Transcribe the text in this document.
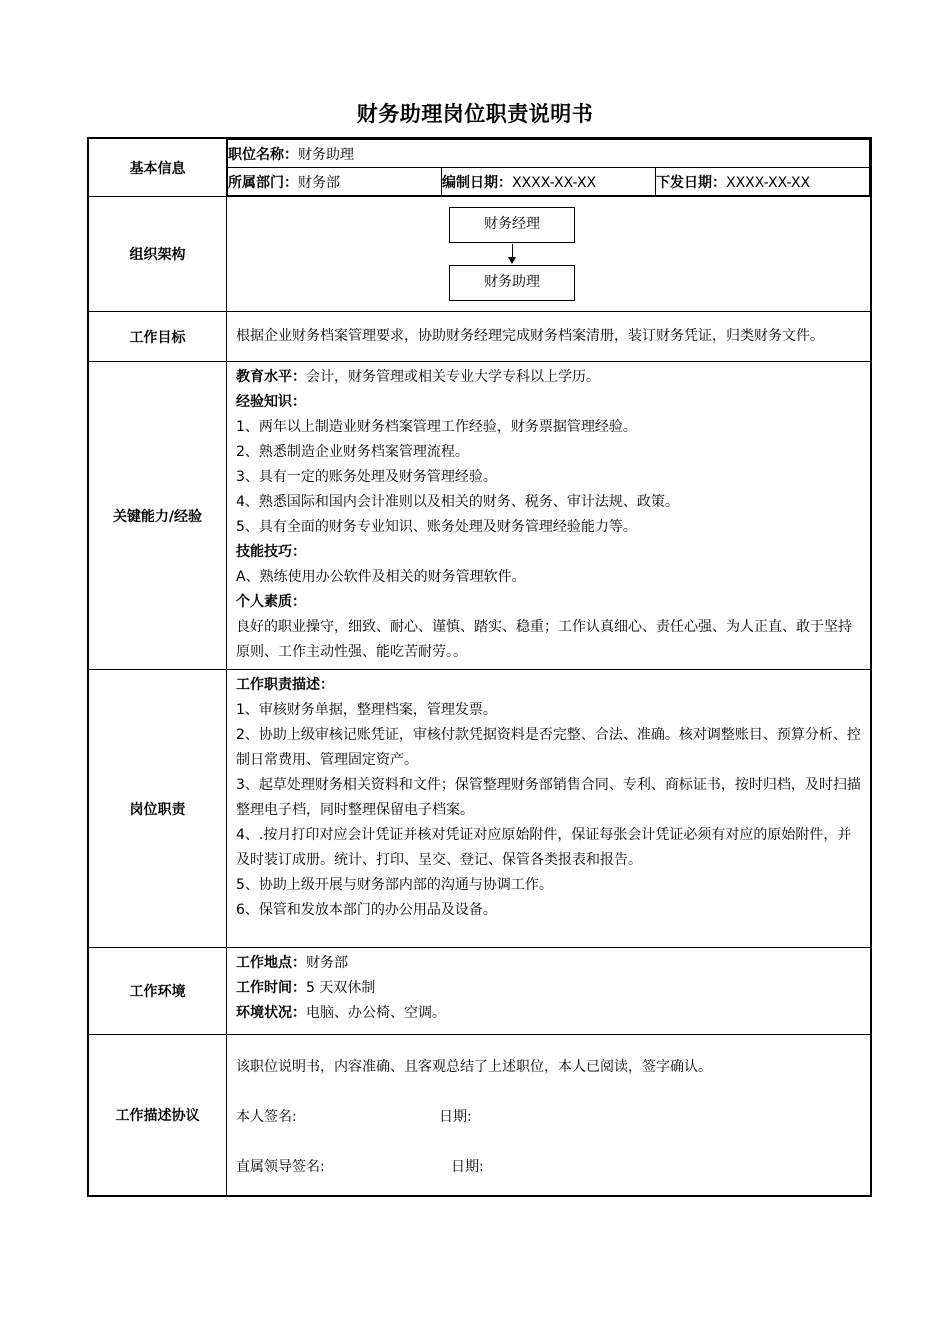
财务助理岗位职责说明书
基本信息	
职位名称：财务助理
所属部门：财务部	编制日期：XXXX-XX-XX	下发日期：XXXX-XX-XX

组织架构	
财务经理
财务助理

工作目标	根据企业财务档案管理要求，协助财务经理完成财务档案清册，装订财务凭证，归类财务文件。

关键能力/经验	
教育水平：会计，财务管理或相关专业大学专科以上学历。
经验知识：
1、两年以上制造业财务档案管理工作经验，财务票据管理经验。
2、熟悉制造企业财务档案管理流程。
3、具有一定的账务处理及财务管理经验。
4、熟悉国际和国内会计准则以及相关的财务、税务、审计法规、政策。
5、具有全面的财务专业知识、账务处理及财务管理经验能力等。
技能技巧：
A、熟练使用办公软件及相关的财务管理软件。
个人素质：
良好的职业操守，细致、耐心、谨慎、踏实、稳重；工作认真细心、责任心强、为人正直、敢于坚持原则、工作主动性强、能吃苦耐劳。。

岗位职责	
工作职责描述：
1、审核财务单据，整理档案，管理发票。
2、协助上级审核记账凭证，审核付款凭据资料是否完整、合法、准确。核对调整账目、预算分析、控制日常费用、管理固定资产。
3、起草处理财务相关资料和文件；保管整理财务部销售合同、专利、商标证书，按时归档，及时扫描整理电子档，同时整理保留电子档案。
4、.按月打印对应会计凭证并核对凭证对应原始附件，保证每张会计凭证必须有对应的原始附件，并及时装订成册。统计、打印、呈交、登记、保管各类报表和报告。
5、协助上级开展与财务部内部的沟通与协调工作。
6、保管和发放本部门的办公用品及设备。

工作环境	
工作地点：财务部
工作时间：5 天双休制
环境状况：电脑、办公椅、空调。

工作描述协议	
该职位说明书，内容准确、且客观总结了上述职位，本人已阅读，签字确认。
本人签名:	日期:
直属领导签名:	日期:
